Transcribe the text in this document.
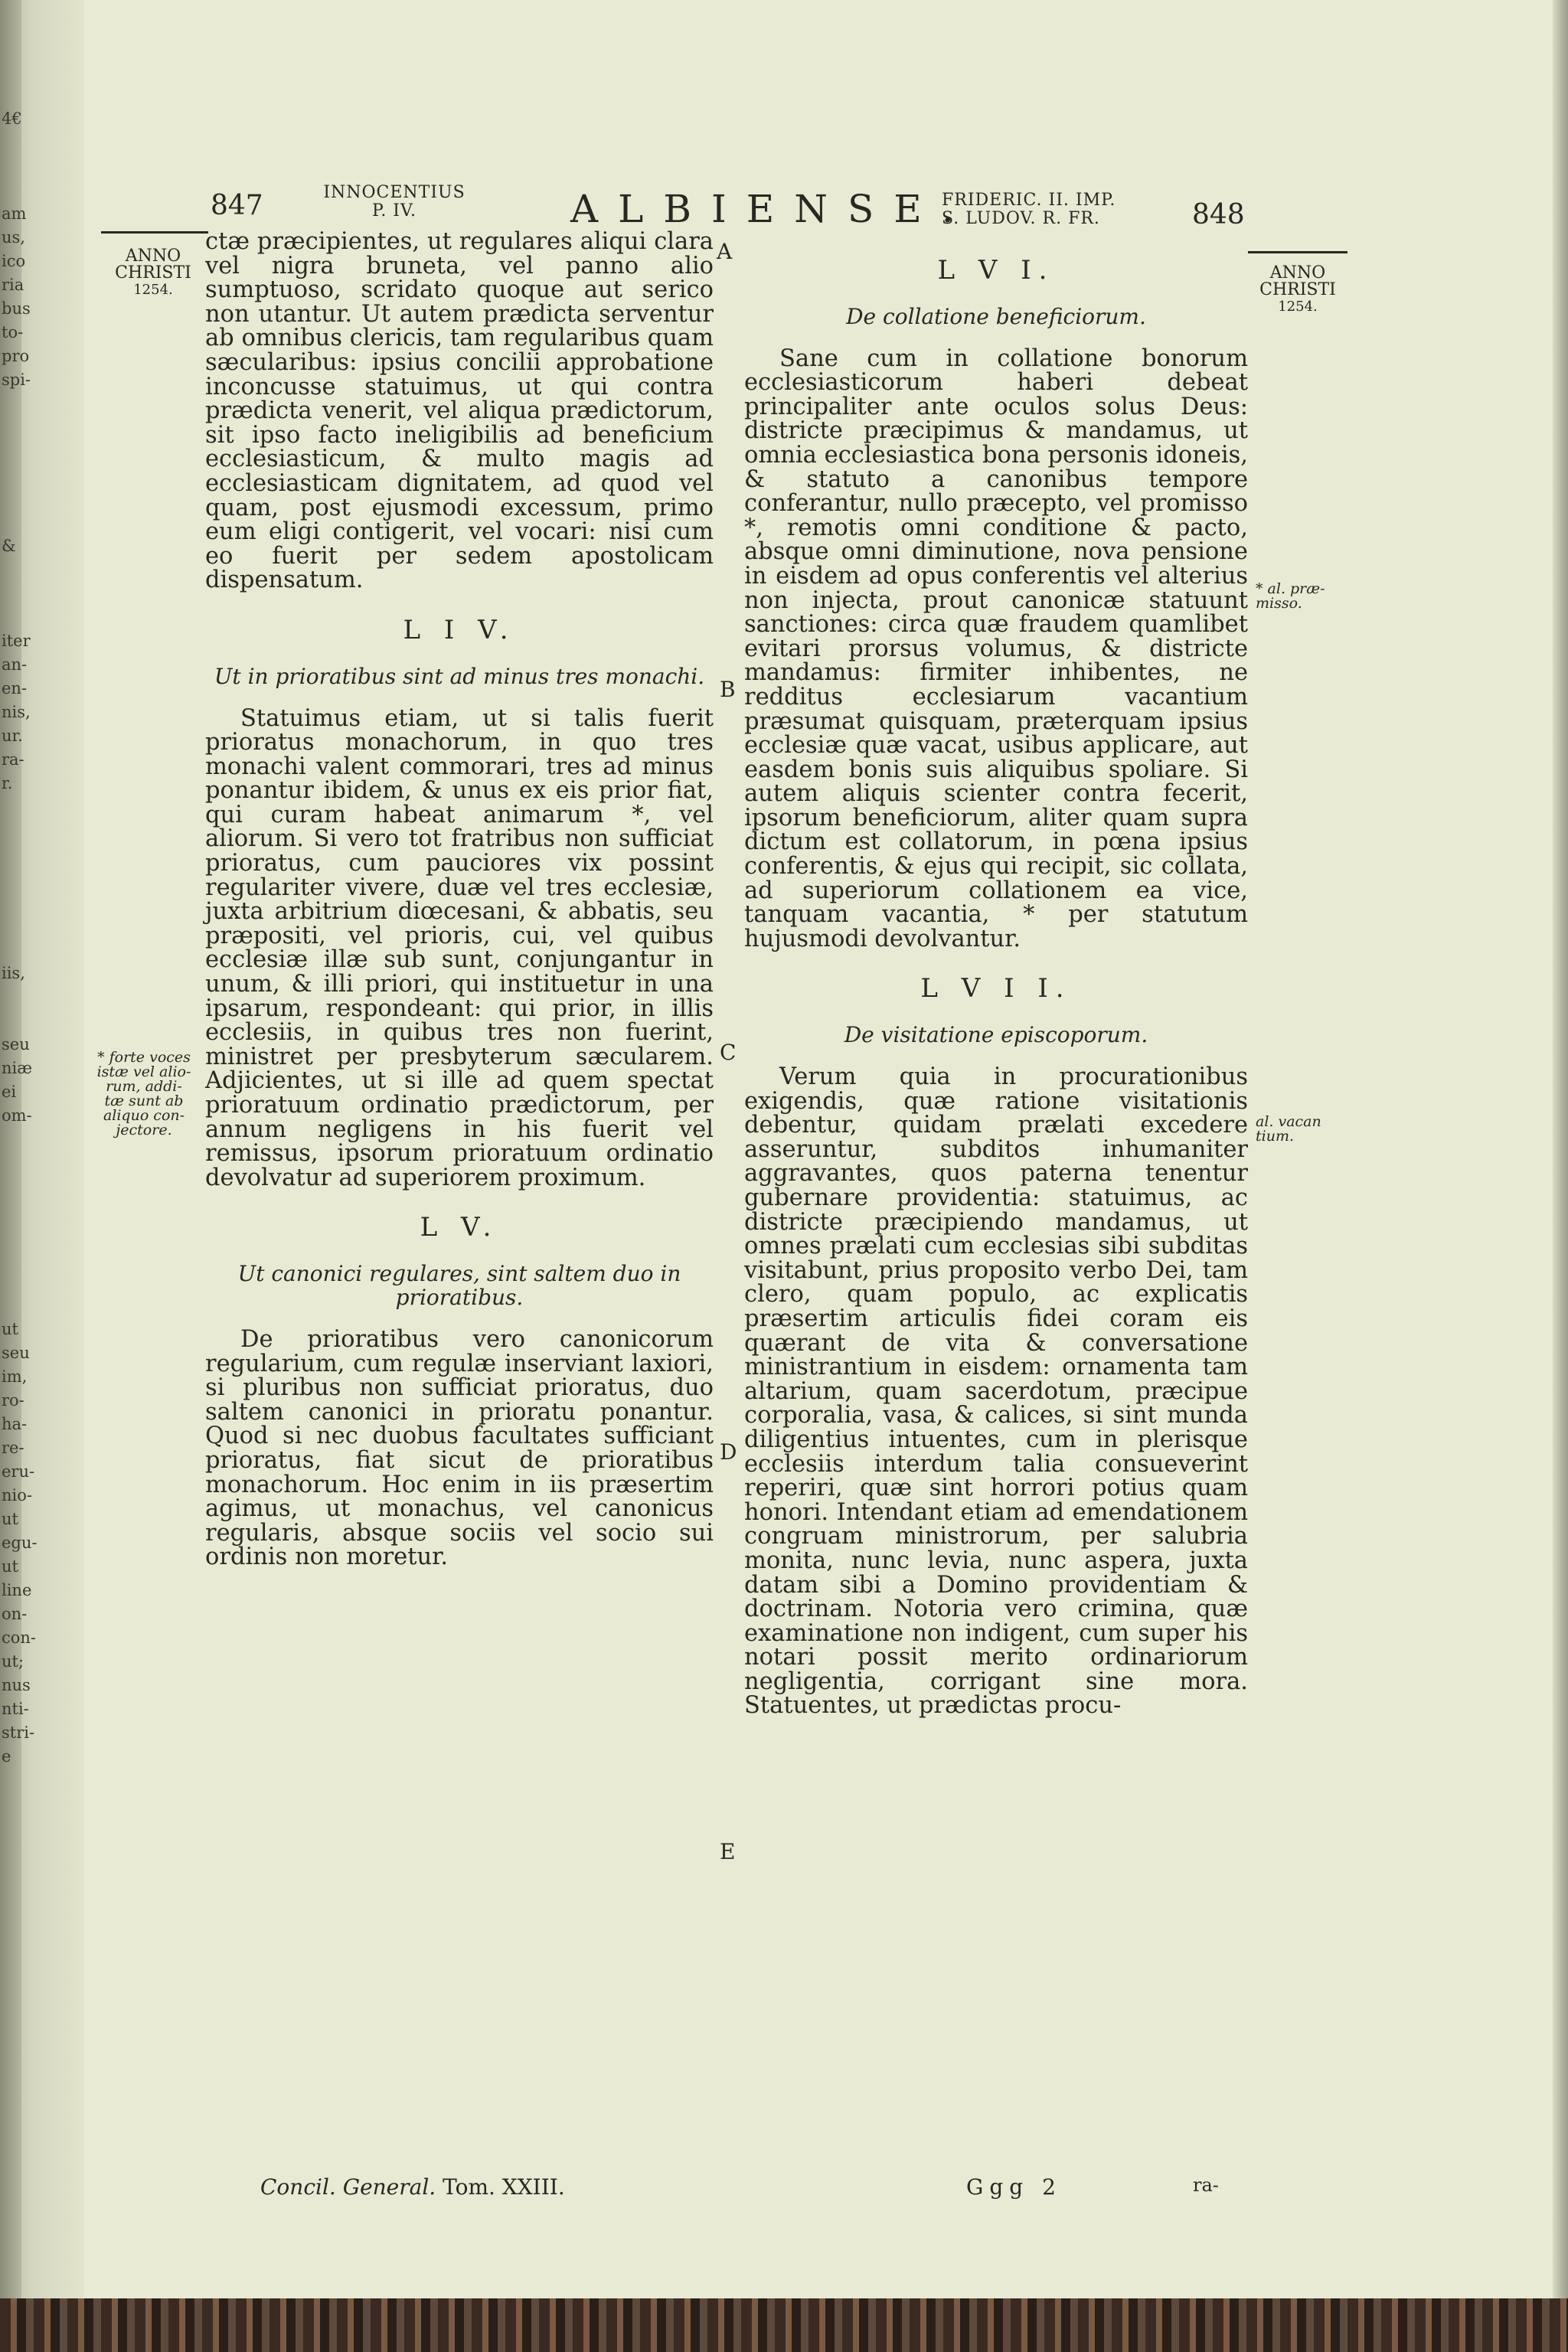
4€
am
us,
ico
ria
bus
to-
pro
spi-
&
iter
an-
en-
nis,
ur.
ra-
r.
iis,
seu
niæ
ei
om-
ut
seu
im,
ro-
ha-
re-
eru-
nio-
ut
egu-
ut
line
on-
con-
ut;
nus
nti-
stri-
e
847	INNOCENTIUS
P. IV.	ALBIENSE.
FRIDERIC. II. IMP.
S. LUDOV. R. FR.	848
ANNO
CHRISTI
1254.
ANNO
CHRISTI
1254.
* forte voces
istæ vel alio-
rum, addi-
tæ sunt ab
aliquo con-
jectore.
* al. præ-
misso.
al. vacan
tium.
A
B
C
D
E

ctæ præcipientes, ut regulares aliqui clara vel nigra bruneta, vel panno alio sumptuoso, scridato quoque aut serico non utantur. Ut autem prædicta serventur ab omnibus clericis, tam regularibus quam sæcularibus: ipsius concilii approbatione inconcusse statuimus, ut qui contra prædicta venerit, vel aliqua prædictorum, sit ipso facto ineligibilis ad beneficium ecclesiasticum, & multo magis ad ecclesiasticam dignitatem, ad quod vel quam, post ejusmodi excessum, primo eum eligi contigerit, vel vocari: nisi cum eo fuerit per sedem apostolicam dispensatum.

L I V.
Ut in prioratibus sint ad minus tres monachi.

Statuimus etiam, ut si talis fuerit prioratus monachorum, in quo tres monachi valent commorari, tres ad minus ponantur ibidem, & unus ex eis prior fiat, qui curam habeat animarum *, vel aliorum. Si vero tot fratribus non sufficiat prioratus, cum pauciores vix possint regulariter vivere, duæ vel tres ecclesiæ, juxta arbitrium diœcesani, & abbatis, seu præpositi, vel prioris, cui, vel quibus ecclesiæ illæ sub sunt, conjungantur in unum, & illi priori, qui instituetur in una ipsarum, respondeant: qui prior, in illis ecclesiis, in quibus tres non fuerint, ministret per presbyterum sæcularem. Adjicientes, ut si ille ad quem spectat prioratuum ordinatio prædictorum, per annum negligens in his fuerit vel remissus, ipsorum prioratuum ordinatio devolvatur ad superiorem proximum.

L V.
Ut canonici regulares, sint saltem duo in prioratibus.

De prioratibus vero canonicorum regularium, cum regulæ inserviant laxiori, si pluribus non sufficiat prioratus, duo saltem canonici in prioratu ponantur. Quod si nec duobus facultates sufficiant prioratus, fiat sicut de prioratibus monachorum. Hoc enim in iis præsertim agimus, ut monachus, vel canonicus regularis, absque sociis vel socio sui ordinis non moretur.

L V I.
De collatione beneficiorum.

Sane cum in collatione bonorum ecclesiasticorum haberi debeat principaliter ante oculos solus Deus: districte præcipimus & mandamus, ut omnia ecclesiastica bona personis idoneis, & statuto a canonibus tempore conferantur, nullo præcepto, vel promisso *, remotis omni conditione & pacto, absque omni diminutione, nova pensione in eisdem ad opus conferentis vel alterius non injecta, prout canonicæ statuunt sanctiones: circa quæ fraudem quamlibet evitari prorsus volumus, & districte mandamus: firmiter inhibentes, ne redditus ecclesiarum vacantium præsumat quisquam, præterquam ipsius ecclesiæ quæ vacat, usibus applicare, aut easdem bonis suis aliquibus spoliare. Si autem aliquis scienter contra fecerit, ipsorum beneficiorum, aliter quam supra dictum est collatorum, in pœna ipsius conferentis, & ejus qui recipit, sic collata, ad superiorum collationem ea vice, tanquam vacantia, * per statutum hujusmodi devolvantur.

L V I I.
De visitatione episcoporum.

Verum quia in procurationibus exigendis, quæ ratione visitationis debentur, quidam prælati excedere asseruntur, subditos inhumaniter aggravantes, quos paterna tenentur gubernare providentia: statuimus, ac districte præcipiendo mandamus, ut omnes prælati cum ecclesias sibi subditas visitabunt, prius proposito verbo Dei, tam clero, quam populo, ac explicatis præsertim articulis fidei coram eis quærant de vita & conversatione ministrantium in eisdem: ornamenta tam altarium, quam sacerdotum, præcipue corporalia, vasa, & calices, si sint munda diligentius intuentes, cum in plerisque ecclesiis interdum talia consueverint reperiri, quæ sint horrori potius quam honori. Intendant etiam ad emendationem congruam ministrorum, per salubria monita, nunc levia, nunc aspera, juxta datam sibi a Domino providentiam & doctrinam. Notoria vero crimina, quæ examinatione non indigent, cum super his notari possit merito ordinariorum negligentia, corrigant sine mora. Statuentes, ut prædictas procu-

Concil. General. Tom. XXIII.	Ggg 2	ra-
